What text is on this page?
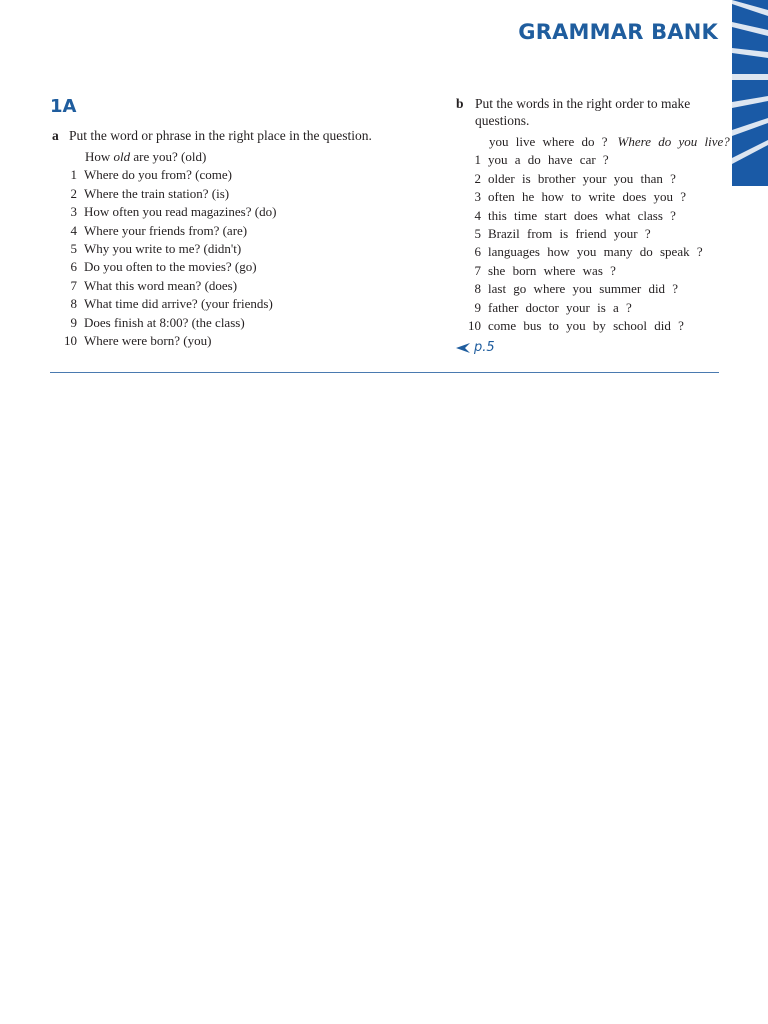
GRAMMAR BANK
1A
a Put the word or phrase in the right place in the question.
How old are you? (old)
1 Where do you from? (come)
2 Where the train station? (is)
3 How often you read magazines? (do)
4 Where your friends from? (are)
5 Why you write to me? (didn't)
6 Do you often to the movies? (go)
7 What this word mean? (does)
8 What time did arrive? (your friends)
9 Does finish at 8:00? (the class)
10 Where were born? (you)
b Put the words in the right order to make questions.
you live where do ? Where do you live?
1 you a do have car ?
2 older is brother your you than ?
3 often he how to write does you ?
4 this time start does what class ?
5 Brazil from is friend your ?
6 languages how you many do speak ?
7 she born where was ?
8 last go where you summer did ?
9 father doctor your is a ?
10 come bus to you by school did ?
p.5
